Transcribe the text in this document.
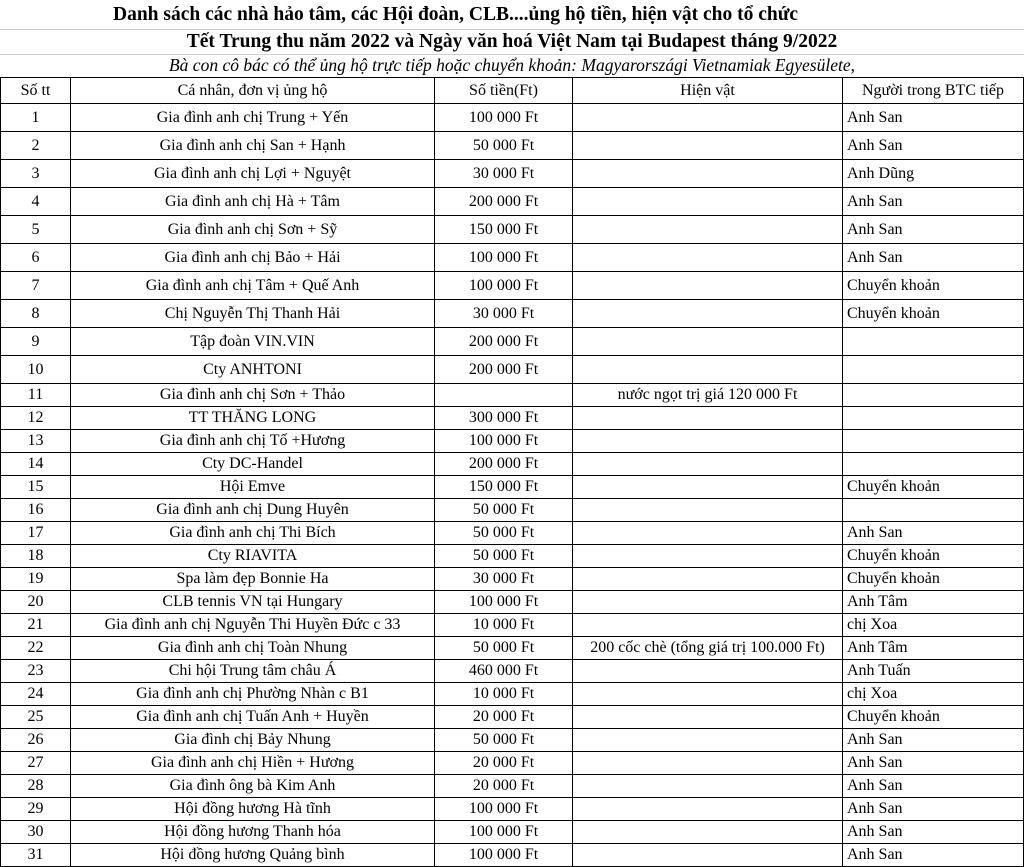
Danh sách các nhà hảo tâm, các Hội đoàn, CLB....ủng hộ tiền, hiện vật cho tổ chức
Tết Trung thu năm 2022 và Ngày văn hoá Việt Nam tại Budapest tháng 9/2022
Bà con cô bác có thể ủng hộ trực tiếp hoặc chuyển khoản: Magyarországi Vietnamiak Egyesülete,
Số tt	Cá nhân, đơn vị ủng hộ	Số tiền(Ft)	Hiện vật	Người trong BTC tiếp
1	Gia đình anh chị Trung + Yến	100 000 Ft		Anh San
2	Gia đình anh chị San + Hạnh	50 000 Ft		Anh San
3	Gia đình anh chị Lợi + Nguyệt	30 000 Ft		Anh Dũng
4	Gia đình anh chị Hà + Tâm	200 000 Ft		Anh San
5	Gia đình anh chị Sơn + Sỹ	150 000 Ft		Anh San
6	Gia đình anh chị Bảo + Hải	100 000 Ft		Anh San
7	Gia đình anh chị Tâm + Quế Anh	100 000 Ft		Chuyển khoản
8	Chị Nguyễn Thị Thanh Hải	30 000 Ft		Chuyển khoản
9	Tập đoàn VIN.VIN	200 000 Ft		
10	Cty ANHTONI	200 000 Ft		
11	Gia đình anh chị Sơn + Thảo		nước ngọt trị giá 120 000 Ft	
12	TT THĂNG LONG	300 000 Ft		
13	Gia đình anh chị Tố +Hương	100 000 Ft		
14	Cty DC-Handel	200 000 Ft		
15	Hội Emve	150 000 Ft		Chuyển khoản
16	Gia đình anh chị Dung Huyên	50 000 Ft		
17	Gia đình anh chị Thi Bích	50 000 Ft		Anh San
18	Cty RIAVITA	50 000 Ft		Chuyển khoản
19	Spa làm đẹp Bonnie Ha	30 000 Ft		Chuyển khoản
20	CLB tennis VN tại Hungary	100 000 Ft		Anh Tâm
21	Gia đình anh chị Nguyễn Thi Huyền Đức c 33	10 000 Ft		chị Xoa
22	Gia đình anh chị Toàn Nhung	50 000 Ft	200 cốc chè (tổng giá trị 100.000 Ft)	Anh Tâm
23	Chi hội Trung tâm châu Á	460 000 Ft		Anh Tuấn
24	Gia đình anh chị Phường Nhàn c B1	10 000 Ft		chị Xoa
25	Gia đình anh chị Tuấn Anh + Huyền	20 000 Ft		Chuyển khoản
26	Gia đình chị Bảy Nhung	50 000 Ft		Anh San
27	Gia đình anh chị Hiền + Hương	20 000 Ft		Anh San
28	Gia đình ông bà Kim Anh	20 000 Ft		Anh San
29	Hội đồng hương Hà tĩnh	100 000 Ft		Anh San
30	Hội đồng hương Thanh hóa	100 000 Ft		Anh San
31	Hội đồng hương Quảng bình	100 000 Ft		Anh San
